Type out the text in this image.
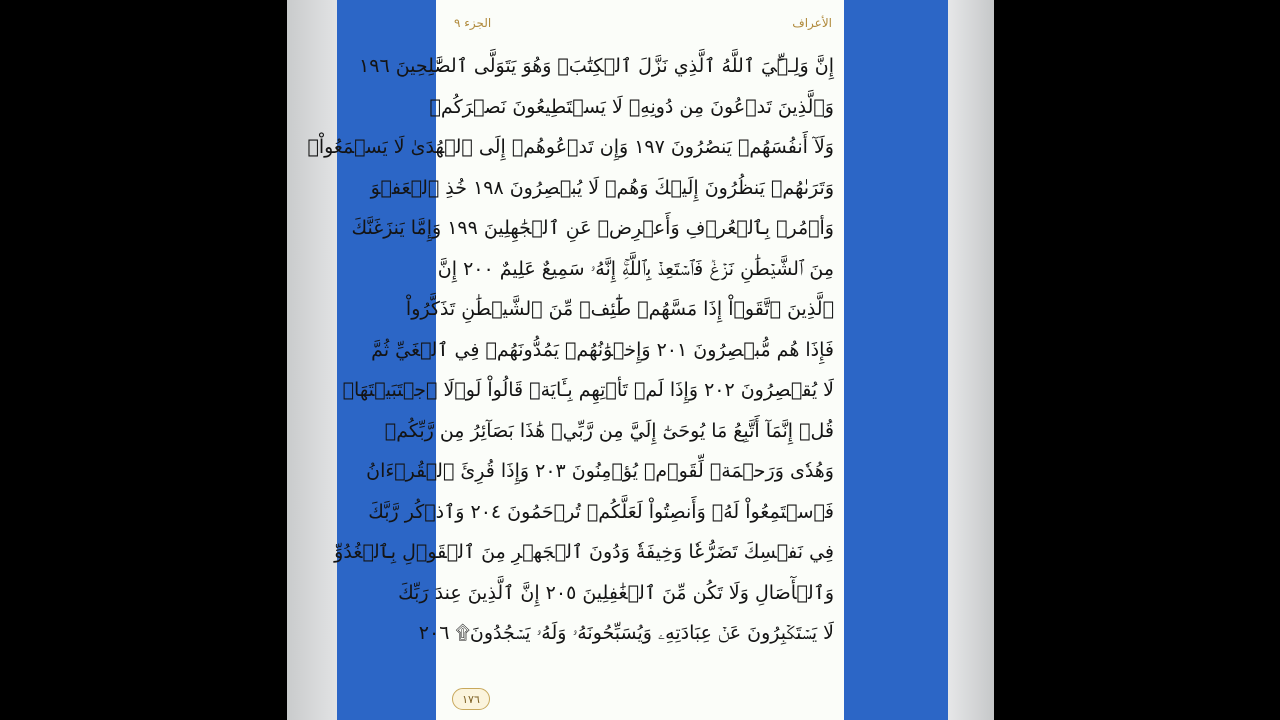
الجزء ٩	الأعراف
إِنَّ وَلِـِّۧيَ ٱللَّهُ ٱلَّذِي نَزَّلَ ٱلۡكِتَٰبَۖ وَهُوَ يَتَوَلَّى ٱلصَّٰلِحِينَ ١٩٦
وَٱلَّذِينَ تَدۡعُونَ مِن دُونِهِۦ لَا يَسۡتَطِيعُونَ نَصۡرَكُمۡ
وَلَآ أَنفُسَهُمۡ يَنصُرُونَ ١٩٧ وَإِن تَدۡعُوهُمۡ إِلَى ٱلۡهُدَىٰ لَا يَسۡمَعُواْۖ
وَتَرَىٰهُمۡ يَنظُرُونَ إِلَيۡكَ وَهُمۡ لَا يُبۡصِرُونَ ١٩٨ خُذِ ٱلۡعَفۡوَ
وَأۡمُرۡ بِٱلۡعُرۡفِ وَأَعۡرِضۡ عَنِ ٱلۡجَٰهِلِينَ ١٩٩ وَإِمَّا يَنزَغَنَّكَ
مِنَ ٱلشَّيۡطَٰنِ نَزۡغٞ فَٱسۡتَعِذۡ بِٱللَّهِۚ إِنَّهُۥ سَمِيعٌ عَلِيمٌ ٢٠٠ إِنَّ
ٱلَّذِينَ ٱتَّقَوۡاْ إِذَا مَسَّهُمۡ طَٰٓئِفٞ مِّنَ ٱلشَّيۡطَٰنِ تَذَكَّرُواْ
فَإِذَا هُم مُّبۡصِرُونَ ٢٠١ وَإِخۡوَٰنُهُمۡ يَمُدُّونَهُمۡ فِي ٱلۡغَيِّ ثُمَّ
لَا يُقۡصِرُونَ ٢٠٢ وَإِذَا لَمۡ تَأۡتِهِم بِـَٔايَةٖ قَالُواْ لَوۡلَا ٱجۡتَبَيۡتَهَاۚ
قُلۡ إِنَّمَآ أَتَّبِعُ مَا يُوحَىٰٓ إِلَيَّ مِن رَّبِّيۚ هَٰذَا بَصَآئِرُ مِن رَّبِّكُمۡ
وَهُدٗى وَرَحۡمَةٞ لِّقَوۡمٖ يُؤۡمِنُونَ ٢٠٣ وَإِذَا قُرِئَ ٱلۡقُرۡءَانُ
فَٱسۡتَمِعُواْ لَهُۥ وَأَنصِتُواْ لَعَلَّكُمۡ تُرۡحَمُونَ ٢٠٤ وَٱذۡكُر رَّبَّكَ
فِي نَفۡسِكَ تَضَرُّعٗا وَخِيفَةٗ وَدُونَ ٱلۡجَهۡرِ مِنَ ٱلۡقَوۡلِ بِٱلۡغُدُوِّ
وَٱلۡأٓصَالِ وَلَا تَكُن مِّنَ ٱلۡغَٰفِلِينَ ٢٠٥ إِنَّ ٱلَّذِينَ عِندَ رَبِّكَ
لَا يَسۡتَكۡبِرُونَ عَنۡ عِبَادَتِهِۦ وَيُسَبِّحُونَهُۥ وَلَهُۥ يَسۡجُدُونَ۩ ٢٠٦
١٧٦
